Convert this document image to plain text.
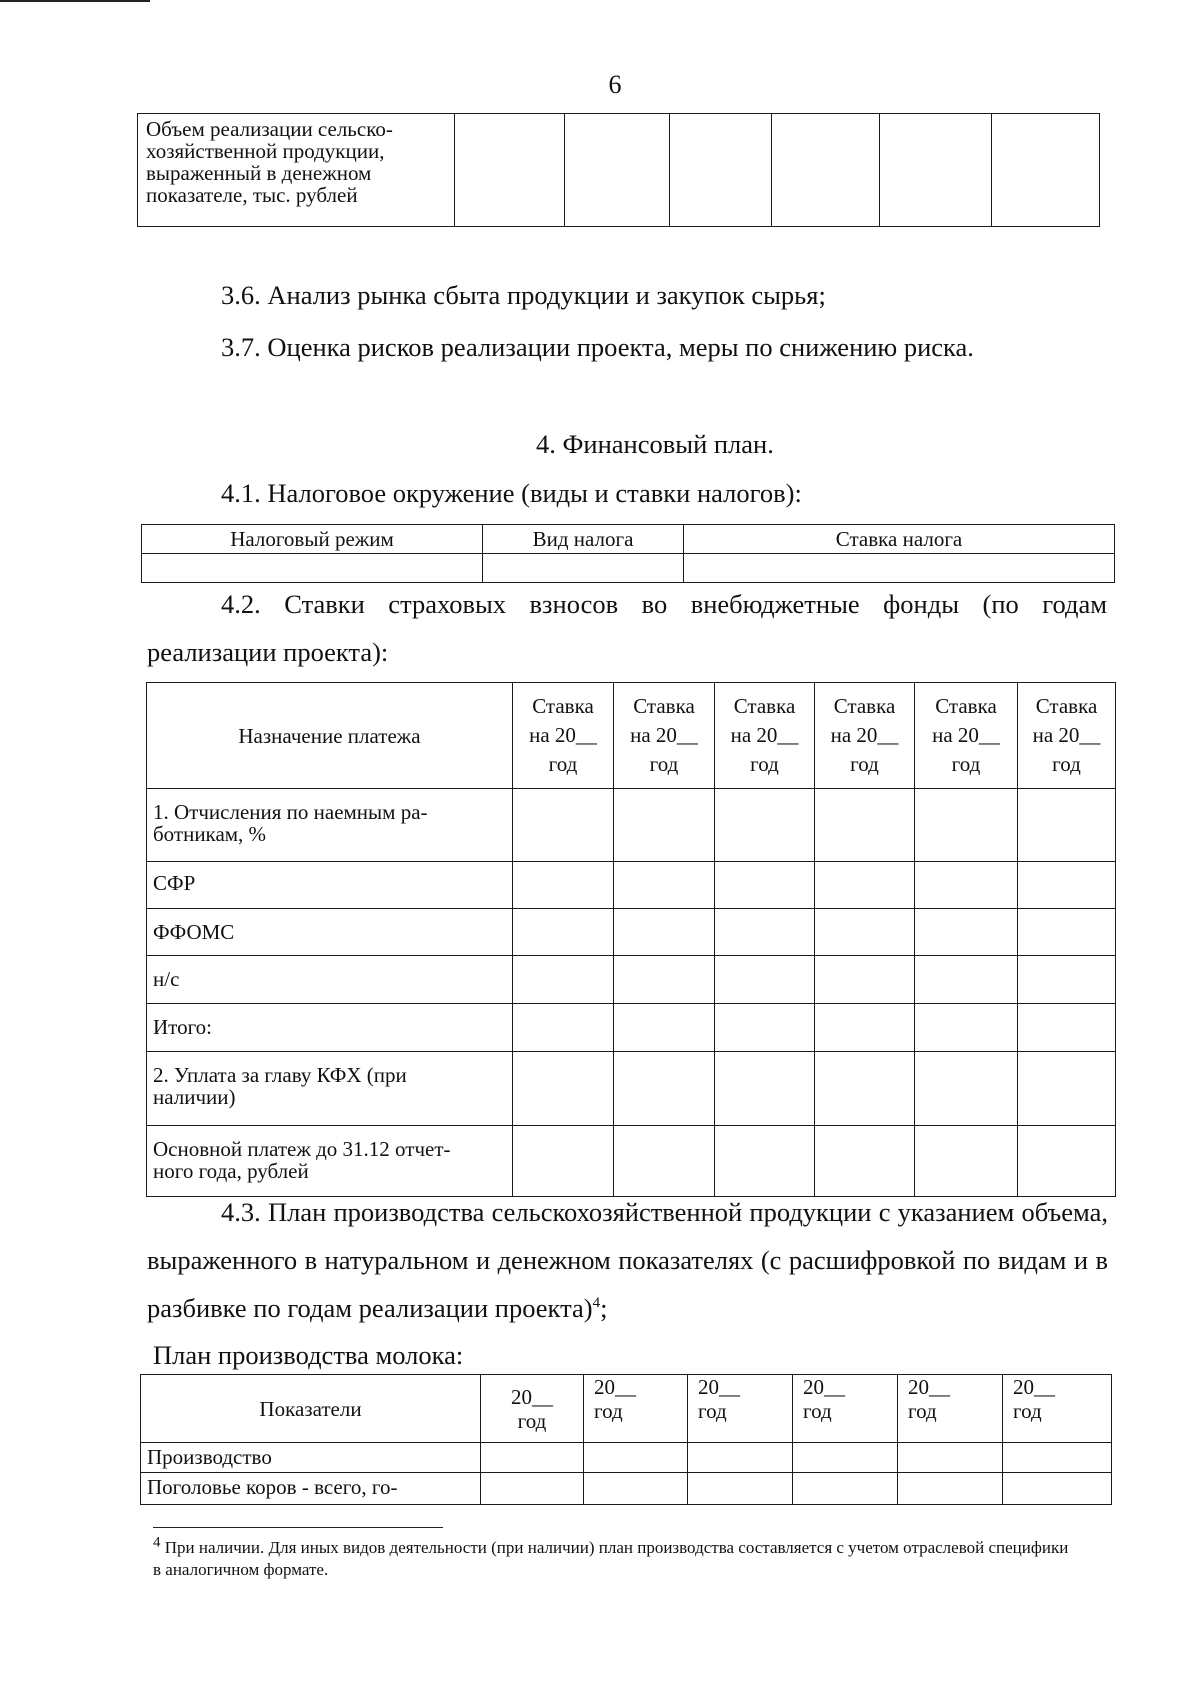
6
Объем реализации сельско-
хозяйственной продукции,
выраженный в денежном
показателе, тыс. рублей						
3.6. Анализ рынка сбыта продукции и закупок сырья;
3.7. Оценка рисков реализации проекта, меры по снижению риска.
4. Финансовый план.
4.1. Налоговое окружение (виды и ставки налогов):
Налоговый режим	Вид налога	Ставка налога

4.2. Ставки страховых взносов во внебюджетные фонды (по годам реализации проекта):
Назначение платежа	Ставка
на 20__
год	Ставка
на 20__
год	Ставка
на 20__
год	Ставка
на 20__
год	Ставка
на 20__
год	Ставка
на 20__
год
1. Отчисления по наемным ра-
ботникам, %						
СФР						
ФФОМС						
н/с						
Итого:						
2. Уплата за главу КФХ (при
наличии)						
Основной платеж до 31.12 отчет-
ного года, рублей						
4.3. План производства сельскохозяйственной продукции с указанием объема, выраженного в натуральном и денежном показателях (с расшифровкой по видам и в разбивке по годам реализации проекта)$^4$;
План производства молока:
Показатели	20__
год	20__
год	20__
год	20__
год	20__
год	20__
год
Производство						
Поголовье коров - всего, го-						
$^4$ При наличии. Для иных видов деятельности (при наличии) план производства составляется с учетом отраслевой специфики в аналогичном формате.
